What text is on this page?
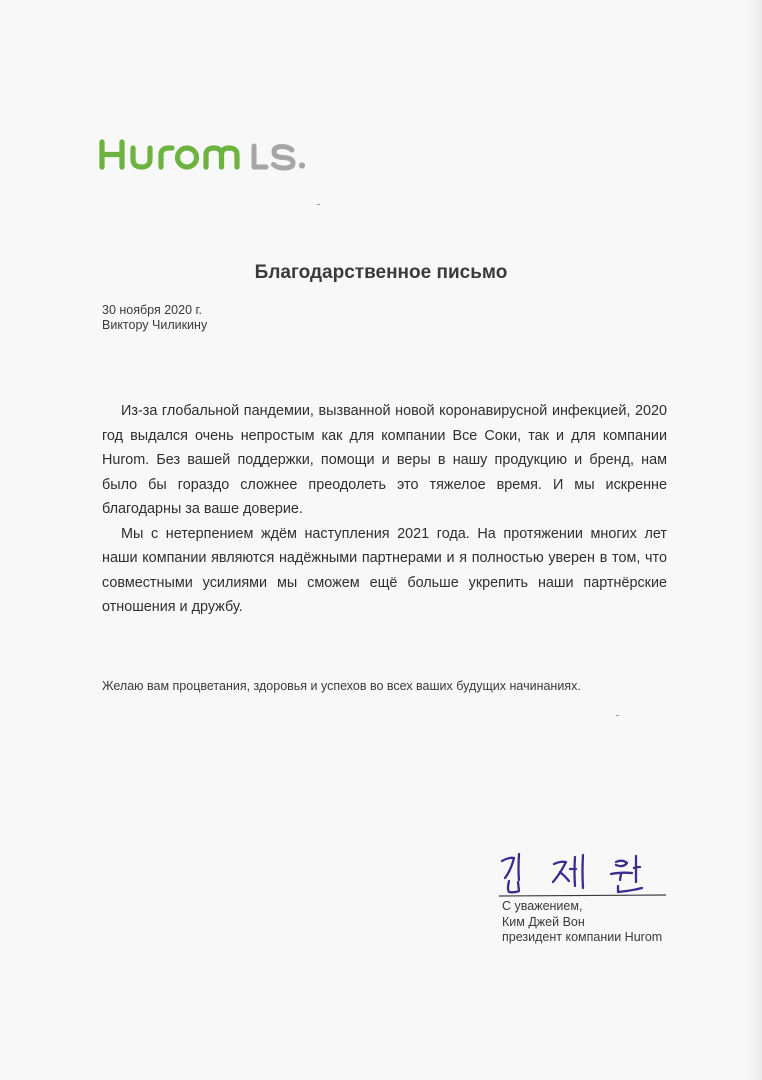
Благодарственное письмо
30 ноября 2020 г.
Виктору Чиликину

Из-за глобальной пандемии, вызванной новой коронавирусной инфекцией, 2020 год выдался очень непростым как для компании Все Соки, так и для компании Hurom. Без вашей поддержки, помощи и веры в нашу продукцию и бренд, нам было бы гораздо сложнее преодолеть это тяжелое время. И мы искренне благодарны за ваше доверие.

Мы с нетерпением ждём наступления 2021 года. На протяжении многих лет наши компании являются надёжными партнерами и я полностью уверен в том, что совместными усилиями мы сможем ещё больше укрепить наши партнёрские отношения и дружбу.

Желаю вам процветания, здоровья и успехов во всех ваших будущих начинаниях.
С уважением,
Ким Джей Вон
президент компании Hurom
